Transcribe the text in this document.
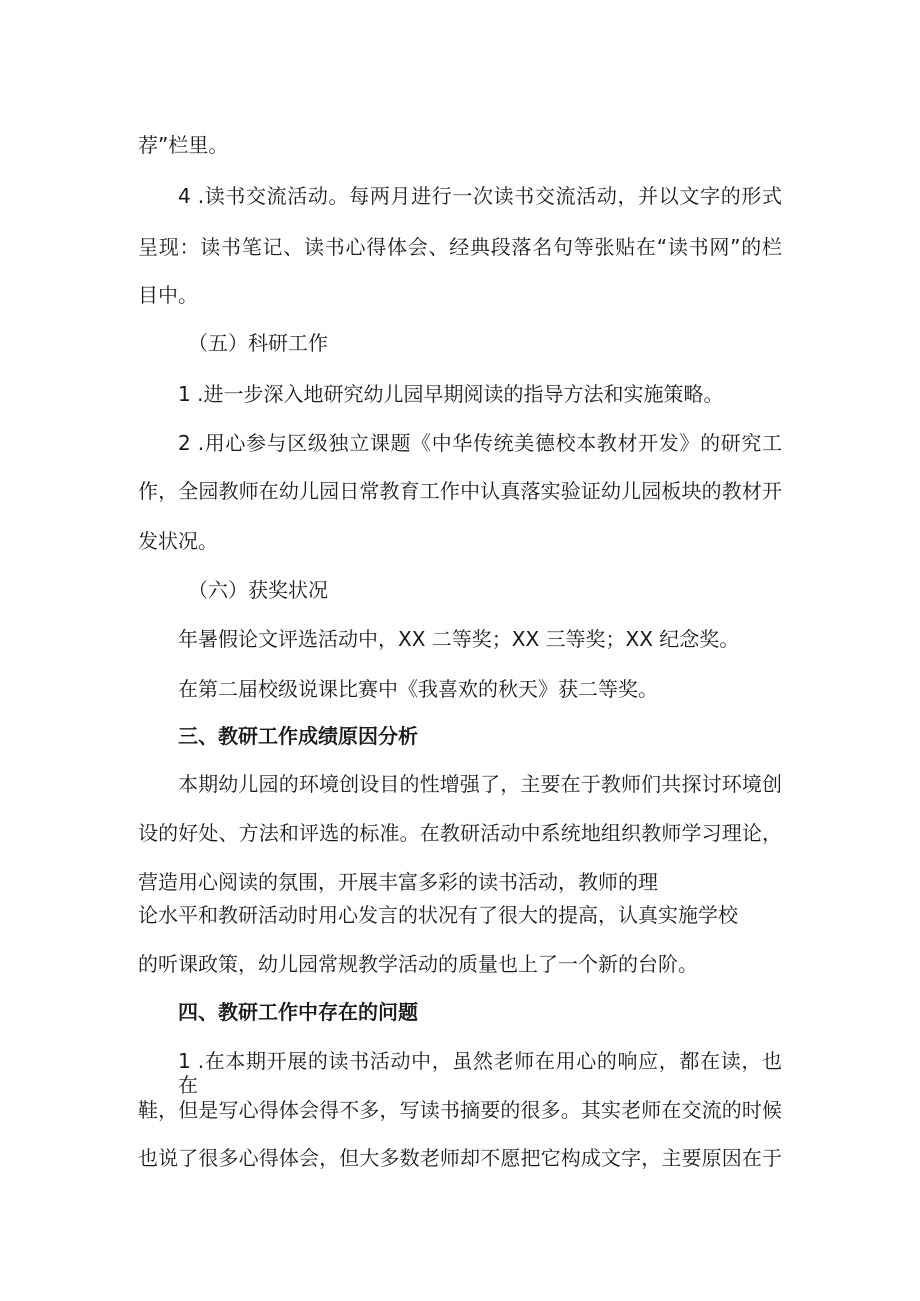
荐”栏里。
4 .读书交流活动。每两月进行一次读书交流活动，并以文字的形式
呈现：读书笔记、读书心得体会、经典段落名句等张贴在“读书网”的栏
目中。
（五）科研工作
1 .进一步深入地研究幼儿园早期阅读的指导方法和实施策略。
2 .用心参与区级独立课题《中华传统美德校本教材开发》的研究工
作，全园教师在幼儿园日常教育工作中认真落实验证幼儿园板块的教材开
发状况。
（六）获奖状况
年暑假论文评选活动中，XX 二等奖；XX 三等奖；XX 纪念奖。
在第二届校级说课比赛中《我喜欢的秋天》获二等奖。
三、教研工作成绩原因分析
本期幼儿园的环境创设目的性增强了，主要在于教师们共探讨环境创
设的好处、方法和评选的标准。在教研活动中系统地组织教师学习理论，
营造用心阅读的氛围，开展丰富多彩的读书活动，教师的理
论水平和教研活动时用心发言的状况有了很大的提高，认真实施学校
的听课政策，幼儿园常规教学活动的质量也上了一个新的台阶。
四、教研工作中存在的问题
1 .在本期开展的读书活动中，虽然老师在用心的响应，都在读，也在
鞋，但是写心得体会得不多，写读书摘要的很多。其实老师在交流的时候
也说了很多心得体会，但大多数老师却不愿把它构成文字，主要原因在于
